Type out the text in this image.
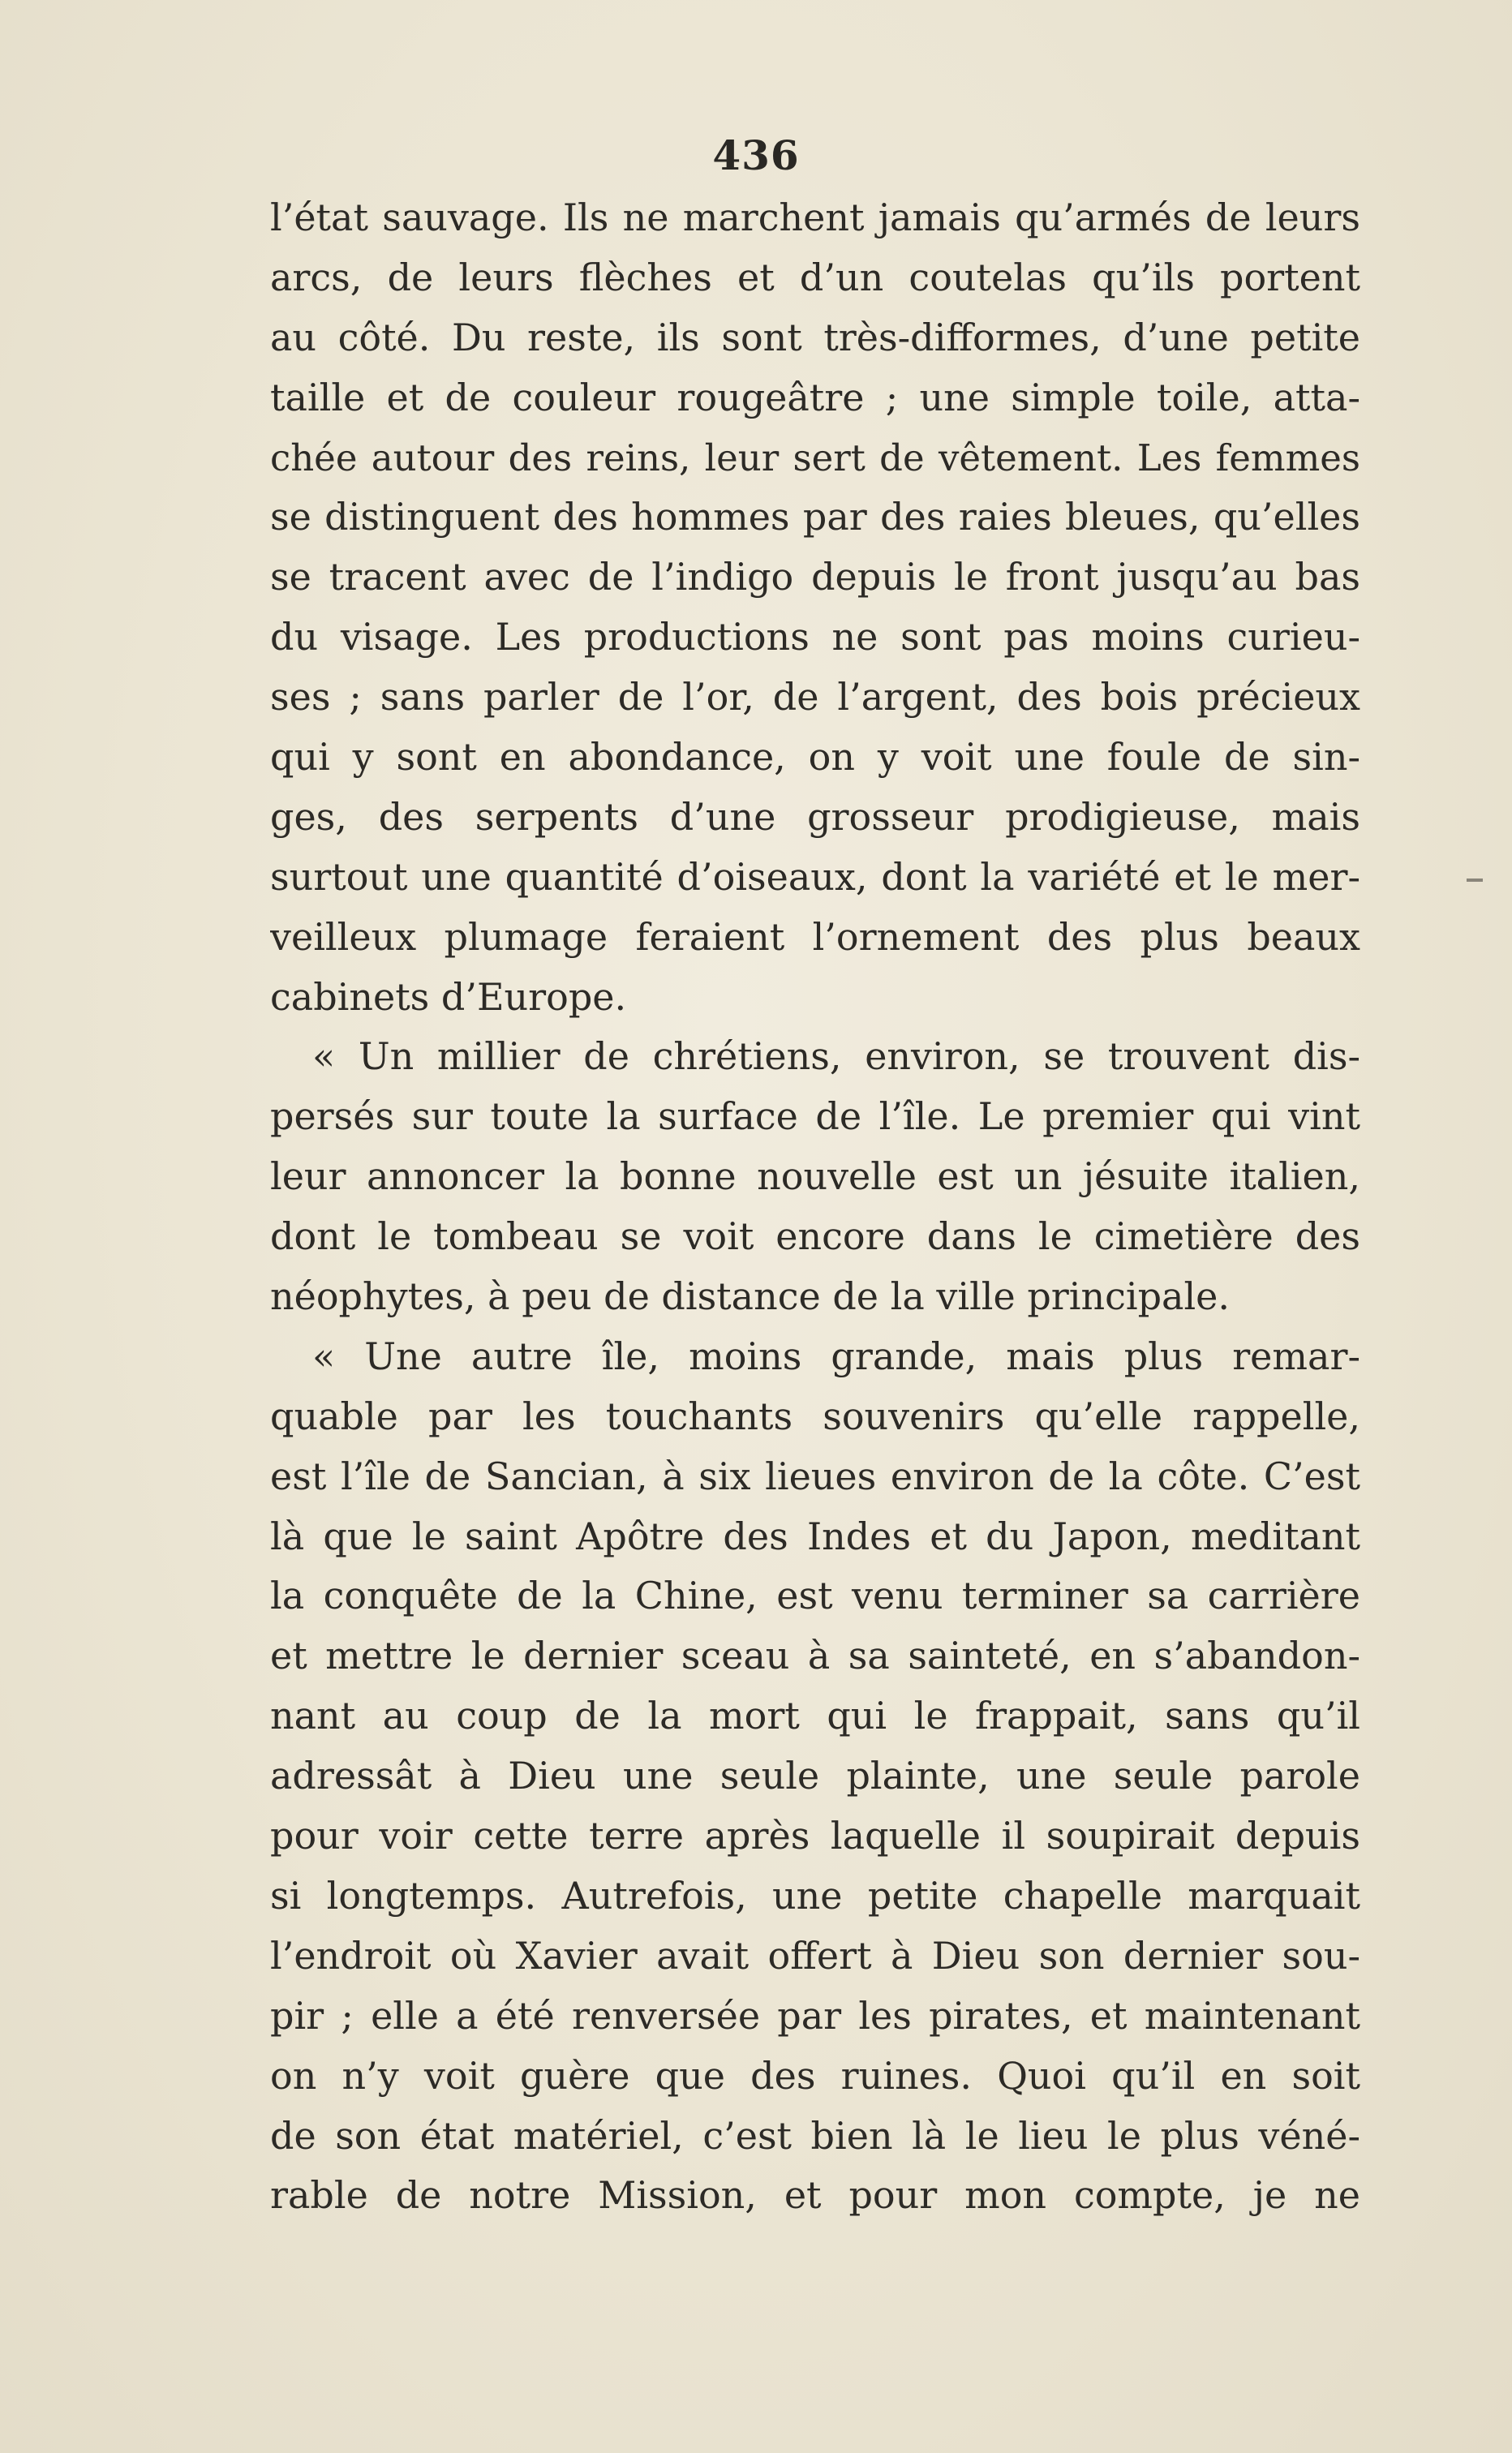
436
l’état sauvage. Ils ne marchent jamais qu’armés de leurs
arcs, de leurs flèches et d’un coutelas qu’ils portent
au côté. Du reste, ils sont très-difformes, d’une petite
taille et de couleur rougeâtre ; une simple toile, atta-
chée autour des reins, leur sert de vêtement. Les femmes
se distinguent des hommes par des raies bleues, qu’elles
se tracent avec de l’indigo depuis le front jusqu’au bas
du visage. Les productions ne sont pas moins curieu-
ses ; sans parler de l’or, de l’argent, des bois précieux
qui y sont en abondance, on y voit une foule de sin-
ges, des serpents d’une grosseur prodigieuse, mais
surtout une quantité d’oiseaux, dont la variété et le mer-
veilleux plumage feraient l’ornement des plus beaux
cabinets d’Europe.
« Un millier de chrétiens, environ, se trouvent dis-
persés sur toute la surface de l’île. Le premier qui vint
leur annoncer la bonne nouvelle est un jésuite italien,
dont le tombeau se voit encore dans le cimetière des
néophytes, à peu de distance de la ville principale.
« Une autre île, moins grande, mais plus remar-
quable par les touchants souvenirs qu’elle rappelle,
est l’île de Sancian, à six lieues environ de la côte. C’est
là que le saint Apôtre des Indes et du Japon, meditant
la conquête de la Chine, est venu terminer sa carrière
et mettre le dernier sceau à sa sainteté, en s’abandon-
nant au coup de la mort qui le frappait, sans qu’il
adressât à Dieu une seule plainte, une seule parole
pour voir cette terre après laquelle il soupirait depuis
si longtemps. Autrefois, une petite chapelle marquait
l’endroit où Xavier avait offert à Dieu son dernier sou-
pir ; elle a été renversée par les pirates, et maintenant
on n’y voit guère que des ruines. Quoi qu’il en soit
de son état matériel, c’est bien là le lieu le plus véné-
rable de notre Mission, et pour mon compte, je ne
